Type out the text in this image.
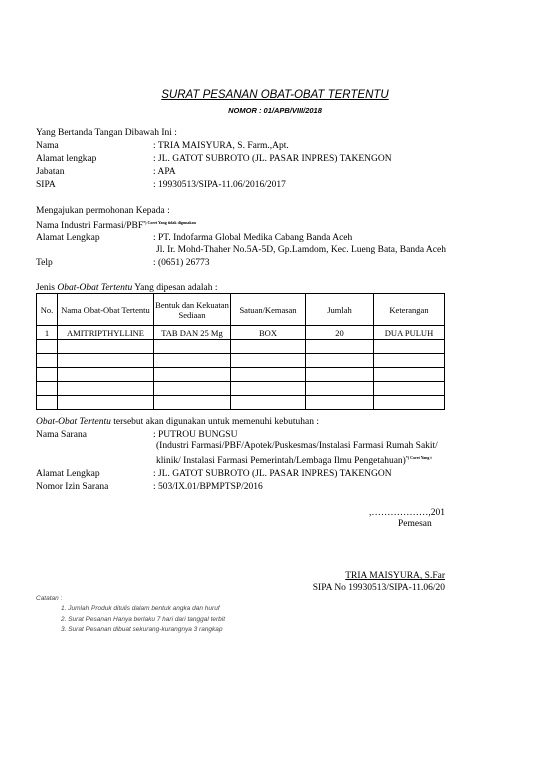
SURAT PESANAN OBAT-OBAT TERTENTU
NOMOR : 01/APB/VIII/2018
Yang Bertanda Tangan Dibawah Ini :
Nama	: TRIA MAISYURA, S. Farm.,Apt.
Alamat lengkap	: JL. GATOT SUBROTO (JL. PASAR INPRES) TAKENGON
Jabatan	: APA
SIPA	: 19930513/SIPA-11.06/2016/2017
Mengajukan permohonan Kepada :
Nama Industri Farmasi/$PBF^{*) Coret Yang tidak digunakan}$
Alamat Lengkap	: PT. Indofarma Global Medika Cabang Banda Aceh
Jl. Ir. Mohd-Thaher No.5A-5D, Gp.Lamdom, Kec. Lueng Bata, Banda Aceh
Telp	: (0651) 26773
Jenis Obat-Obat Tertentu Yang dipesan adalah :
No.	Nama Obat-Obat Tertentu	Bentuk dan Kekuatan Sediaan	Satuan/Kemasan	Jumlah	Keterangan
1	AMITRIPTHYLLINE	TAB DAN 25 Mg	BOX	20	DUA PULUH

Obat-Obat Tertentu tersebut akan digunakan untuk memenuhi kebutuhan :
Nama Sarana	: PUTROU BUNGSU
(Industri Farmasi/PBF/Apotek/Puskesmas/Instalasi Farmasi Rumah Sakit/
klinik/ Instalasi Farmasi Pemerintah/Lembaga Ilmu Pengetahuan)$^{*) Coret Yang t}$
Alamat Lengkap	: JL. GATOT SUBROTO (JL. PASAR INPRES) TAKENGON
Nomor Izin Sarana	: 503/IX.01/BPMPTSP/2016
,………………,201
Pemesan
TRIA MAISYURA, S.Far
SIPA No 19930513/SIPA-11.06/20
Catatan :
1. Jumlah Produk ditulis dalam bentuk angka dan huruf
2. Surat Pesanan Hanya berlaku 7 hari dari tanggal terbit
3. Surat Pesanan dibuat sekurang-kurangnya 3 rangkap
